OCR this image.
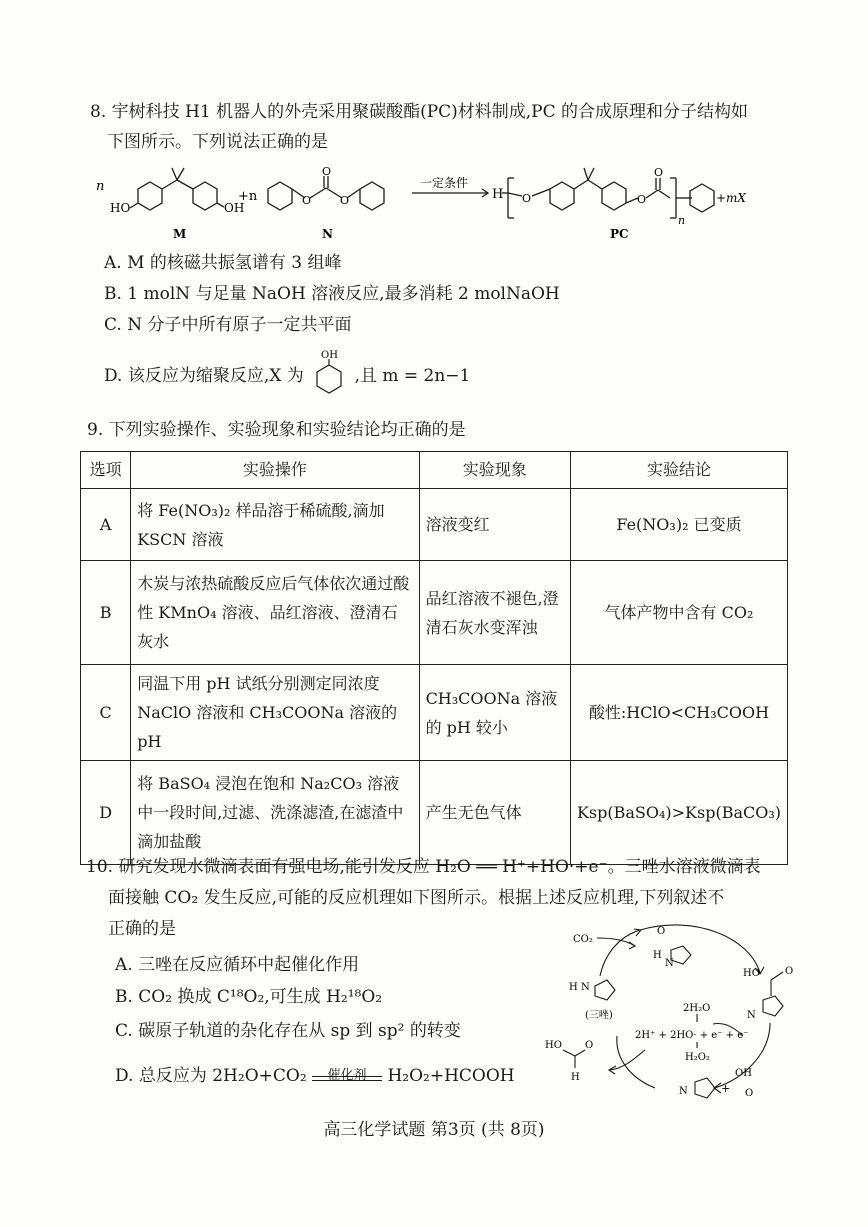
8. 宇树科技 H1 机器人的外壳采用聚碳酸酯(PC)材料制成,PC 的合成原理和分子结构如
下图所示。下列说法正确的是
n
HO	OH
+n	O
O
O
M	N
一定条件
H O	O
O
n
+mX
PC
A. M 的核磁共振氢谱有 3 组峰
B. 1 molN 与足量 NaOH 溶液反应,最多消耗 2 molNaOH
C. N 分子中所有原子一定共平面
D. 该反应为缩聚反应,X 为
OH
,且 m = 2n−1
9. 下列实验操作、实验现象和实验结论均正确的是
选项	实验操作	实验现象	实验结论
A	将 Fe(NO₃)₂ 样品溶于稀硫酸,滴加 KSCN 溶液	溶液变红	Fe(NO₃)₂ 已变质
B	木炭与浓热硫酸反应后气体依次通过酸性 KMnO₄ 溶液、品红溶液、澄清石灰水	品红溶液不褪色,澄清石灰水变浑浊	气体产物中含有 CO₂
C	同温下用 pH 试纸分别测定同浓度 NaClO 溶液和 CH₃COONa 溶液的 pH	CH₃COONa 溶液的 pH 较小	酸性:HClO<CH₃COOH
D	将 BaSO₄ 浸泡在饱和 Na₂CO₃ 溶液中一段时间,过滤、洗涤滤渣,在滤渣中滴加盐酸	产生无色气体	Ksp(BaSO₄)>Ksp(BaCO₃)
10. 研究发现水微滴表面有强电场,能引发反应 H₂O ══ H⁺+HO·+e⁻。三唑水溶液微滴表
面接触 CO₂ 发生反应,可能的反应机理如下图所示。根据上述反应机理,下列叙述不
正确的是
A. 三唑在反应循环中起催化作用
B. CO₂ 换成 C¹⁸O₂,可生成 H₂¹⁸O₂
C. 碳原子轨道的杂化存在从 sp 到 sp² 的转变
D. 总反应为 2H₂O+CO₂	催化剂	H₂O₂+HCOOH
CO₂
O
H
N
H N
(三唑)
HO	O
N
2H₂O
2H⁺ + 2HO· + e⁻ + e⁻
H₂O₂
HO O
H
N	+
OH
O
高三化学试题 第3页 (共 8页)
